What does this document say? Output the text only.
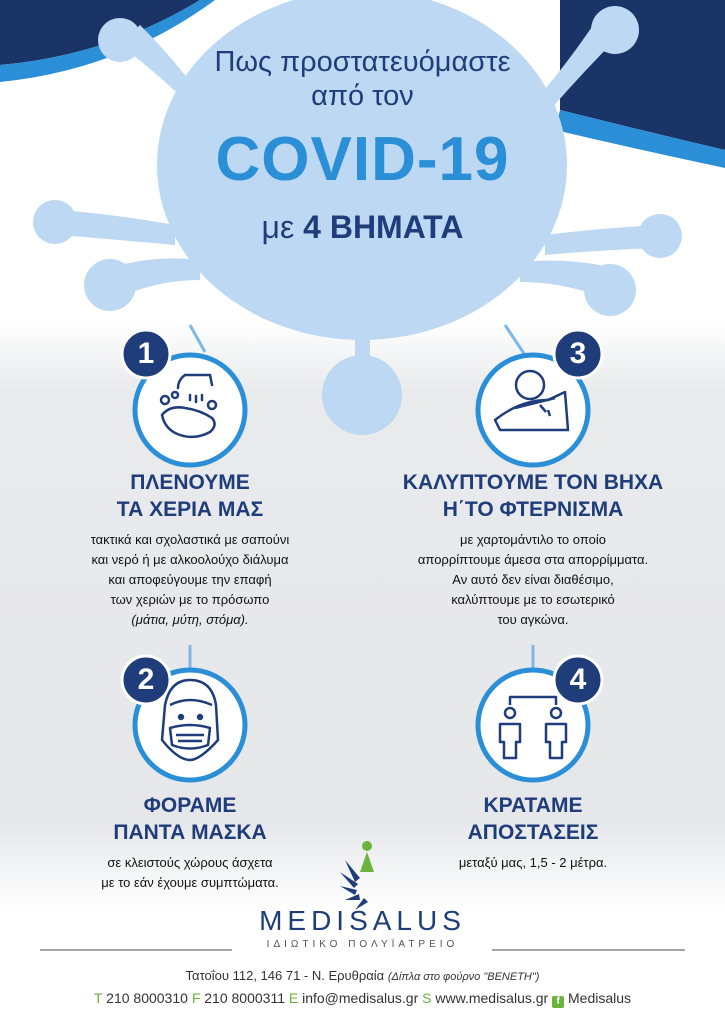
1	3
2	4
Πως προστατευόμαστε
από τον
COVID-19
με 4 ΒΗΜΑΤΑ
ΠΛΕΝΟΥΜΕ
ΤΑ ΧΕΡΙΑ ΜΑΣ
τακτικά και σχολαστικά με σαπούνι
και νερό ή με αλκοολούχο διάλυμα
και αποφεύγουμε την επαφή
των χεριών με το πρόσωπο
(μάτια, μύτη, στόμα).
ΚΑΛΥΠΤΟΥΜΕ ΤΟΝ ΒΗΧΑ
Η΄ΤΟ ΦΤΕΡΝΙΣΜΑ
με χαρτομάντιλο το οποίο
απορρίπτουμε άμεσα στα απορρίμματα.
Αν αυτό δεν είναι διαθέσιμο,
καλύπτουμε με το εσωτερικό
του αγκώνα.
ΦΟΡΑΜΕ
ΠΑΝΤΑ ΜΑΣΚΑ
σε κλειστούς χώρους άσχετα
με το εάν έχουμε συμπτώματα.
ΚΡΑΤΑΜΕ
ΑΠΟΣΤΑΣΕΙΣ
μεταξύ μας, 1,5 - 2 μέτρα.
MEDISALUS
ΙΔΙΩΤΙΚΟ ΠΟΛΥΪΑΤΡΕΙΟ
Τατοΐου 112, 146 71 - Ν. Ερυθραία (Δίπλα στο φούρνο "ΒΕΝΕΤΗ")
T 210 8000310 F 210 8000311 E info@medisalus.gr S www.medisalus.gr f Medisalus
